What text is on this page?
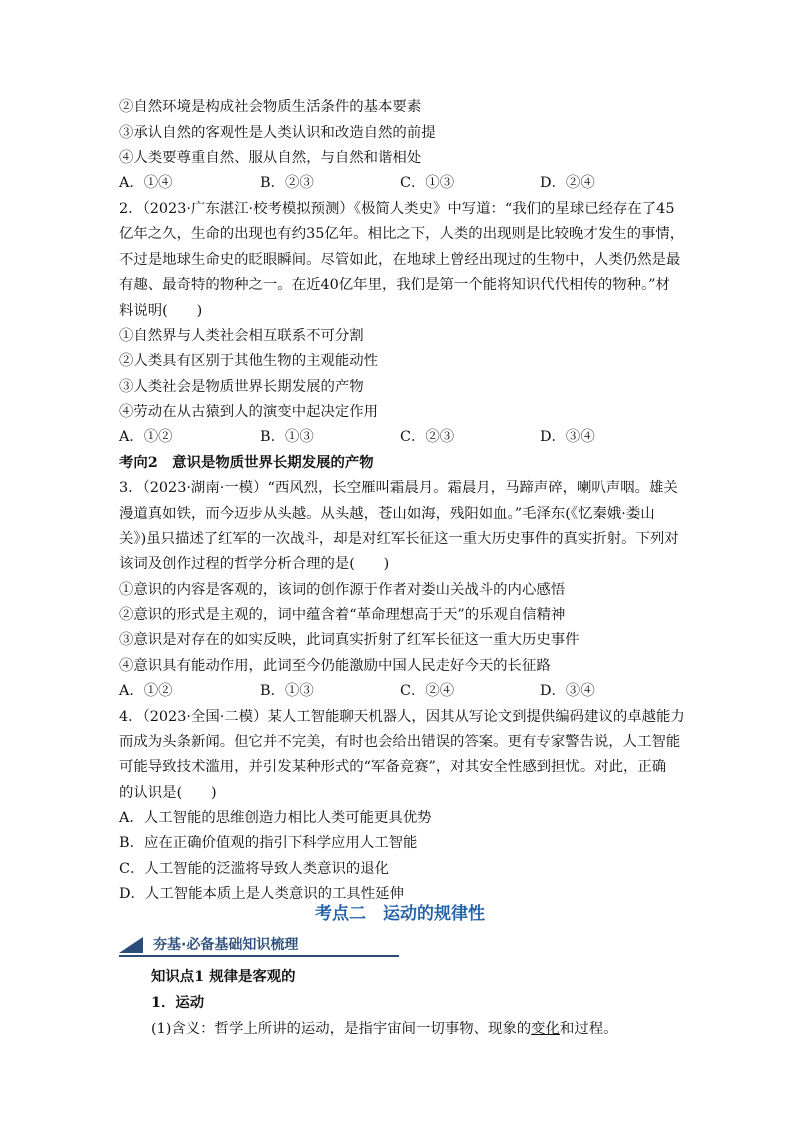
②自然环境是构成社会物质生活条件的基本要素
③承认自然的客观性是人类认识和改造自然的前提
④人类要尊重自然、服从自然，与自然和谐相处
A．①④	B．②③	C．①③	D．②④
2．（2023·广东湛江·校考模拟预测）《极简人类史》中写道：“我们的星球已经存在了45
亿年之久，生命的出现也有约35亿年。相比之下，人类的出现则是比较晚才发生的事情，
不过是地球生命史的眨眼瞬间。尽管如此，在地球上曾经出现过的生物中，人类仍然是最
有趣、最奇特的物种之一。在近40亿年里，我们是第一个能将知识代代相传的物种。”材
料说明(　　)
①自然界与人类社会相互联系不可分割
②人类具有区别于其他生物的主观能动性
③人类社会是物质世界长期发展的产物
④劳动在从古猿到人的演变中起决定作用
A．①②	B．①③	C．②③	D．③④
考向2　意识是物质世界长期发展的产物
3．（2023·湖南·一模）“西风烈，长空雁叫霜晨月。霜晨月，马蹄声碎，喇叭声咽。雄关
漫道真如铁，而今迈步从头越。从头越，苍山如海，残阳如血。”毛泽东(《忆秦娥·娄山
关》)虽只描述了红军的一次战斗，却是对红军长征这一重大历史事件的真实折射。下列对
该词及创作过程的哲学分析合理的是(　　)
①意识的内容是客观的，该词的创作源于作者对娄山关战斗的内心感悟
②意识的形式是主观的，词中蕴含着“革命理想高于天”的乐观自信精神
③意识是对存在的如实反映，此词真实折射了红军长征这一重大历史事件
④意识具有能动作用，此词至今仍能激励中国人民走好今天的长征路
A．①②	B．①③	C．②④	D．③④
4．（2023·全国·二模）某人工智能聊天机器人，因其从写论文到提供编码建议的卓越能力
而成为头条新闻。但它并不完美，有时也会给出错误的答案。更有专家警告说，人工智能
可能导致技术滥用，并引发某种形式的“军备竞赛”，对其安全性感到担忧。对此，正确
的认识是(　　)
A．人工智能的思维创造力相比人类可能更具优势
B．应在正确价值观的指引下科学应用人工智能
C．人工智能的泛滥将导致人类意识的退化
D．人工智能本质上是人类意识的工具性延伸
考点二　运动的规律性
夯基·必备基础知识梳理
知识点1 规律是客观的
1．运动
(1)含义：哲学上所讲的运动，是指宇宙间一切事物、现象的变化和过程。
